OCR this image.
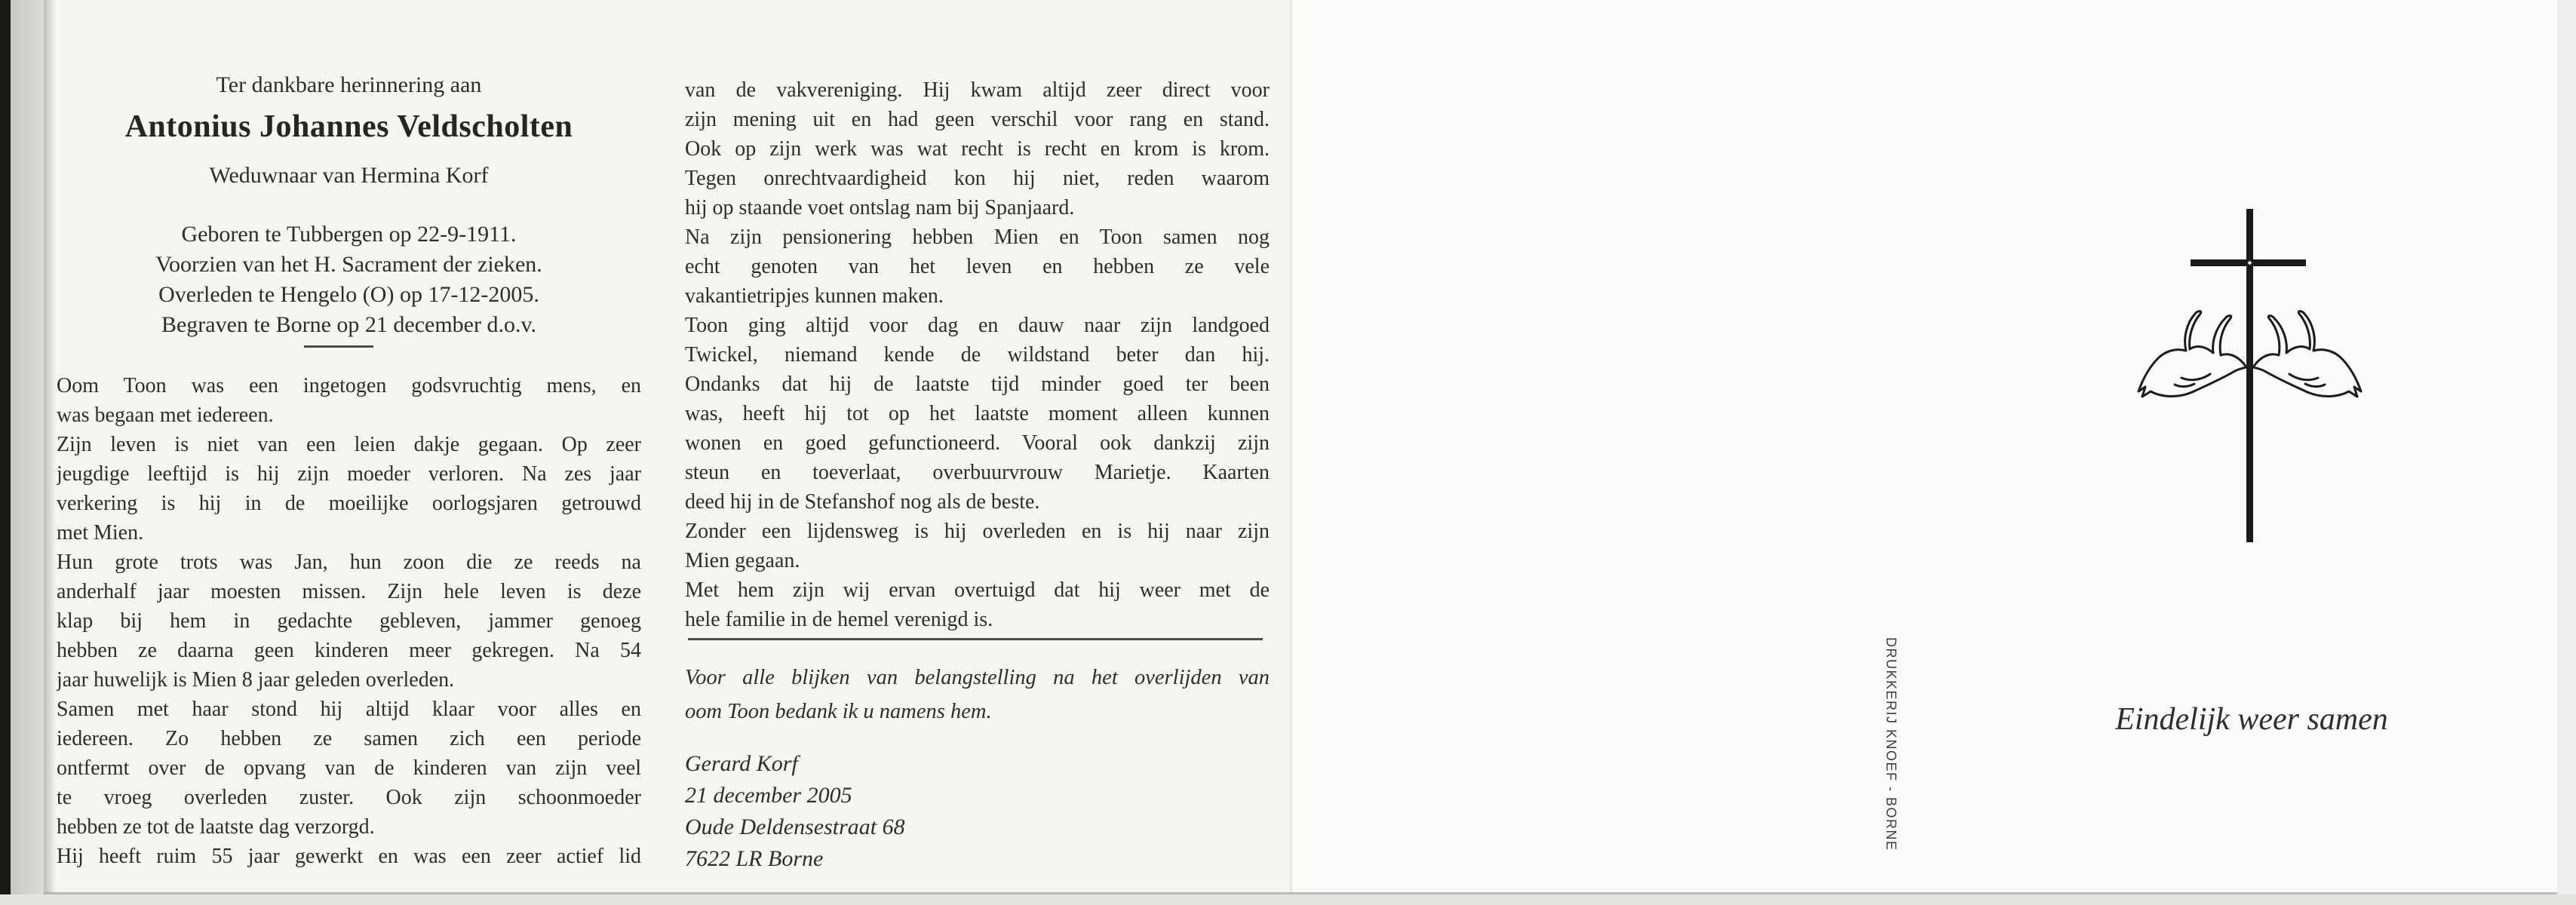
Ter dankbare herinnering aan
Antonius Johannes Veldscholten
Weduwnaar van Hermina Korf
Geboren te Tubbergen op 22-9-1911.
Voorzien van het H. Sacrament der zieken.
Overleden te Hengelo (O) op 17-12-2005.
Begraven te Borne op 21 december d.o.v.
Oom Toon was een ingetogen godsvruchtig mens, en
was begaan met iedereen.
Zijn leven is niet van een leien dakje gegaan. Op zeer
jeugdige leeftijd is hij zijn moeder verloren. Na zes jaar
verkering is hij in de moeilijke oorlogsjaren getrouwd
met Mien.
Hun grote trots was Jan, hun zoon die ze reeds na
anderhalf jaar moesten missen. Zijn hele leven is deze
klap bij hem in gedachte gebleven, jammer genoeg
hebben ze daarna geen kinderen meer gekregen. Na 54
jaar huwelijk is Mien 8 jaar geleden overleden.
Samen met haar stond hij altijd klaar voor alles en
iedereen. Zo hebben ze samen zich een periode
ontfermt over de opvang van de kinderen van zijn veel
te vroeg overleden zuster. Ook zijn schoonmoeder
hebben ze tot de laatste dag verzorgd.
Hij heeft ruim 55 jaar gewerkt en was een zeer actief lid
van de vakvereniging. Hij kwam altijd zeer direct voor
zijn mening uit en had geen verschil voor rang en stand.
Ook op zijn werk was wat recht is recht en krom is krom.
Tegen onrechtvaardigheid kon hij niet, reden waarom
hij op staande voet ontslag nam bij Spanjaard.
Na zijn pensionering hebben Mien en Toon samen nog
echt genoten van het leven en hebben ze vele
vakantietripjes kunnen maken.
Toon ging altijd voor dag en dauw naar zijn landgoed
Twickel, niemand kende de wildstand beter dan hij.
Ondanks dat hij de laatste tijd minder goed ter been
was, heeft hij tot op het laatste moment alleen kunnen
wonen en goed gefunctioneerd. Vooral ook dankzij zijn
steun en toeverlaat, overbuurvrouw Marietje. Kaarten
deed hij in de Stefanshof nog als de beste.
Zonder een lijdensweg is hij overleden en is hij naar zijn
Mien gegaan.
Met hem zijn wij ervan overtuigd dat hij weer met de
hele familie in de hemel verenigd is.
Voor alle blijken van belangstelling na het overlijden van
oom Toon bedank ik u namens hem.
Gerard Korf
21 december 2005
Oude Deldensestraat 68
7622 LR Borne
DRUKKERIJ KNOEF - BORNE	Eindelijk weer samen
